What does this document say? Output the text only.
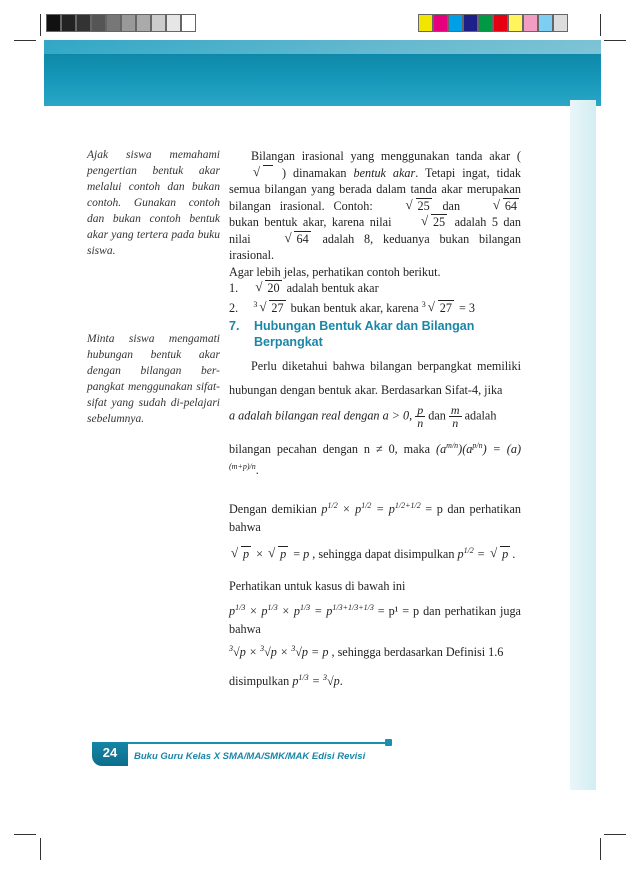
Ajak siswa memahami pengertian bentuk akar melalui contoh dan bukan contoh. Gunakan contoh dan bukan contoh bentuk akar yang tertera pada buku siswa.
Minta siswa mengamati hubungan bentuk akar dengan bilangan ber-pangkat menggunakan sifat-sifat yang sudah di-pelajari sebelumnya.

Bilangan irasional yang menggunakan tanda akar ( √    ) dinamakan bentuk akar. Tetapi ingat, tidak semua bilangan yang berada dalam tanda akar merupakan bilangan irasional. Contoh:	√ 25 dan	√ 64 bukan bentuk akar, karena nilai	√ 25 adalah 5 dan nilai	√ 64 adalah 8, keduanya bukan bilangan irasional.

Agar lebih jelas, perhatikan contoh berikut.

1. √ 20 adalah bentuk akar

2. $^3$ √ 27 bukan bentuk akar, karena $^3$ √ 27 = 3

7. Hubungan Bentuk Akar dan Bilangan Berpangkat

Perlu diketahui bahwa bilangan berpangkat memiliki hubungan dengan bentuk akar. Berdasarkan Sifat-4, jika

a adalah bilangan real dengan a > 0, $\frac{p}{n}$ dan $\frac{m}{n}$ adalah

bilangan pecahan dengan n ≠ 0, maka $(a^{m/n})(a^{p/n}) = (a)^{(m+p)/n}$.

Dengan demikian $p^{1/2} \times p^{1/2} = p^{1/2+1/2} = p$ dan perhatikan bahwa

√ p × √ p = p , sehingga dapat disimpulkan $p^{1/2}$ = √ p .

Perhatikan untuk kasus di bawah ini

$p^{1/3} \times p^{1/3} \times p^{1/3} = p^{1/3+1/3+1/3} = p^1 = p$ dan perhatikan juga bahwa

$^3$√p × $^3$√p × $^3$√p = p , sehingga berdasarkan Definisi 1.6

disimpulkan $p^{1/3} = ^3√p$.

24	Buku Guru Kelas X SMA/MA/SMK/MAK Edisi Revisi
